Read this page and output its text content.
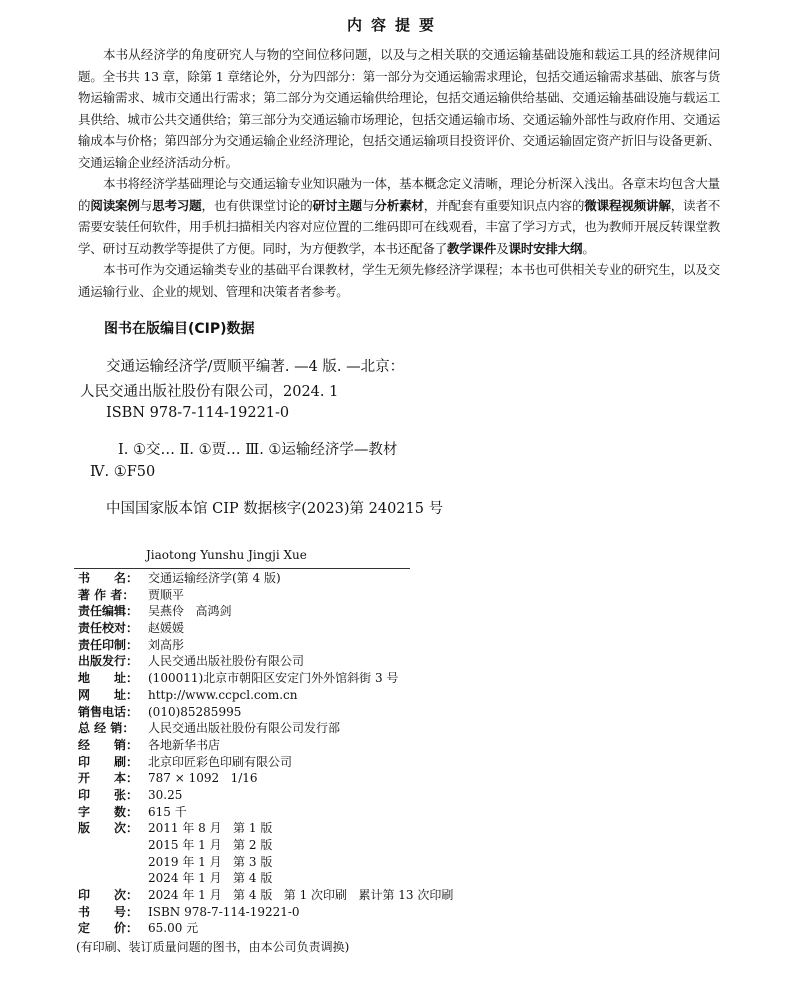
内容提要

本书从经济学的角度研究人与物的空间位移问题，以及与之相关联的交通运输基础设施和载运工具的经济规律问题。全书共 13 章，除第 1 章绪论外，分为四部分：第一部分为交通运输需求理论，包括交通运输需求基础、旅客与货物运输需求、城市交通出行需求；第二部分为交通运输供给理论，包括交通运输供给基础、交通运输基础设施与载运工具供给、城市公共交通供给；第三部分为交通运输市场理论，包括交通运输市场、交通运输外部性与政府作用、交通运输成本与价格；第四部分为交通运输企业经济理论，包括交通运输项目投资评价、交通运输固定资产折旧与设备更新、交通运输企业经济活动分析。

本书将经济学基础理论与交通运输专业知识融为一体，基本概念定义清晰，理论分析深入浅出。各章末均包含大量的阅读案例与思考习题，也有供课堂讨论的研讨主题与分析素材，并配套有重要知识点内容的微课程视频讲解，读者不需要安装任何软件，用手机扫描相关内容对应位置的二维码即可在线观看，丰富了学习方式，也为教师开展反转课堂教学、研讨互动教学等提供了方便。同时，为方便教学，本书还配备了教学课件及课时安排大纲。

本书可作为交通运输类专业的基础平台课教材，学生无须先修经济学课程；本书也可供相关专业的研究生，以及交通运输行业、企业的规划、管理和决策者者参考。

图书在版编目(CIP)数据
交通运输经济学/贾顺平编著. —4 版. —北京：
人民交通出版社股份有限公司，2024. 1
ISBN 978-7-114-19221-0
Ⅰ. ①交… Ⅱ. ①贾… Ⅲ. ①运输经济学—教材
Ⅳ. ①F50
中国国家版本馆 CIP 数据核字(2023)第 240215 号
Jiaotong Yunshu Jingji Xue
书　　名： 交通运输经济学(第 4 版)
著 作 者：	贾顺平
责任编辑： 吴燕伶   高鸿剑
责任校对： 赵媛媛
责任印制： 刘高彤
出版发行： 人民交通出版社股份有限公司
地　　址： (100011)北京市朝阳区安定门外外馆斜街 3 号
网　　址： http://www.ccpcl.com.cn
销售电话： (010)85285995
总 经 销：	人民交通出版社股份有限公司发行部
经　　销： 各地新华书店
印　　刷： 北京印匠彩色印刷有限公司
开　　本： 787 × 1092   1/16
印　　张： 30.25
字　　数： 615 千
版　　次： 2011 年 8 月   第 1 版
2015 年 1 月   第 2 版
2019 年 1 月   第 3 版
2024 年 1 月   第 4 版
印　　次： 2024 年 1 月   第 4 版   第 1 次印刷   累计第 13 次印刷
书　　号： ISBN 978-7-114-19221-0
定　　价： 65.00 元
(有印刷、装订质量问题的图书，由本公司负责调换)
